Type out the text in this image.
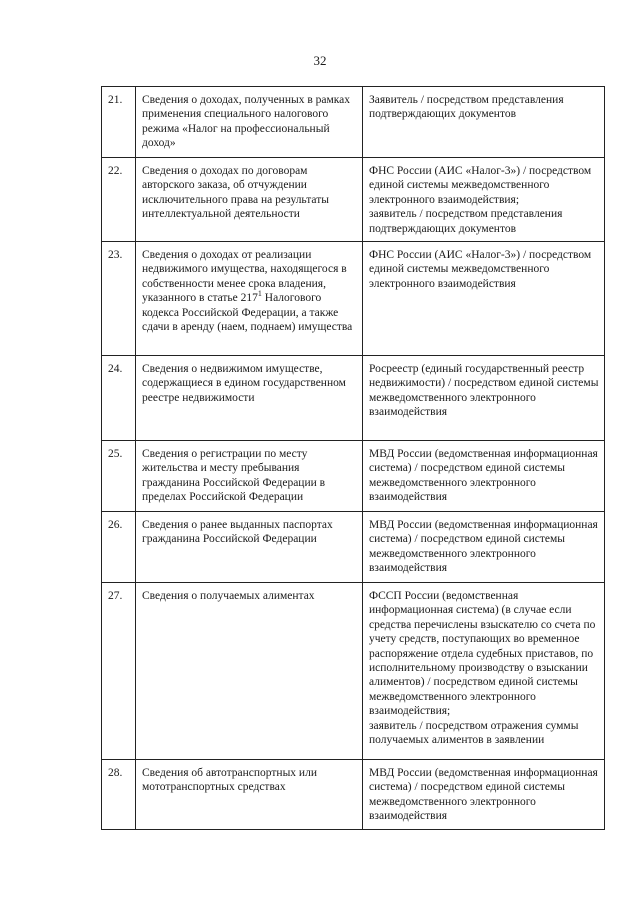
32
21.	Сведения о доходах, полученных в рамках применения специального налогового режима «Налог на профессиональный доход»	Заявитель / посредством представления подтверждающих документов

22.	Сведения о доходах по договорам авторского заказа, об отчуждении исключительного права на результаты интеллектуальной деятельности	ФНС России (АИС «Налог-3») / посредством единой системы межведомственного электронного взаимодействия;
заявитель / посредством представления подтверждающих документов

23.	Сведения о доходах от реализации недвижимого имущества, находящегося в собственности менее срока владения, указанного в статье $217^1$ Налогового кодекса Российской Федерации, а также сдачи в аренду (наем, поднаем) имущества	ФНС России (АИС «Налог-3») / посредством единой системы межведомственного электронного взаимодействия

24.	Сведения о недвижимом имуществе, содержащиеся в едином государственном реестре недвижимости	Росреестр (единый государственный реестр недвижимости) / посредством единой системы межведомственного электронного взаимодействия

25.	Сведения о регистрации по месту жительства и месту пребывания гражданина Российской Федерации в пределах Российской Федерации	МВД России (ведомственная информационная система) / посредством единой системы межведомственного электронного взаимодействия

26.	Сведения о ранее выданных паспортах гражданина Российской Федерации	МВД России (ведомственная информационная система) / посредством единой системы межведомственного электронного взаимодействия

27.	Сведения о получаемых алиментах	ФССП России (ведомственная информационная система) (в случае если средства перечислены взыскателю со счета по учету средств, поступающих во временное распоряжение отдела судебных приставов, по исполнительному производству о взыскании алиментов) / посредством единой системы межведомственного электронного взаимодействия;
заявитель / посредством отражения суммы получаемых алиментов в заявлении

28.	Сведения об автотранспортных или мототранспортных средствах	МВД России (ведомственная информационная система) / посредством единой системы межведомственного электронного взаимодействия
